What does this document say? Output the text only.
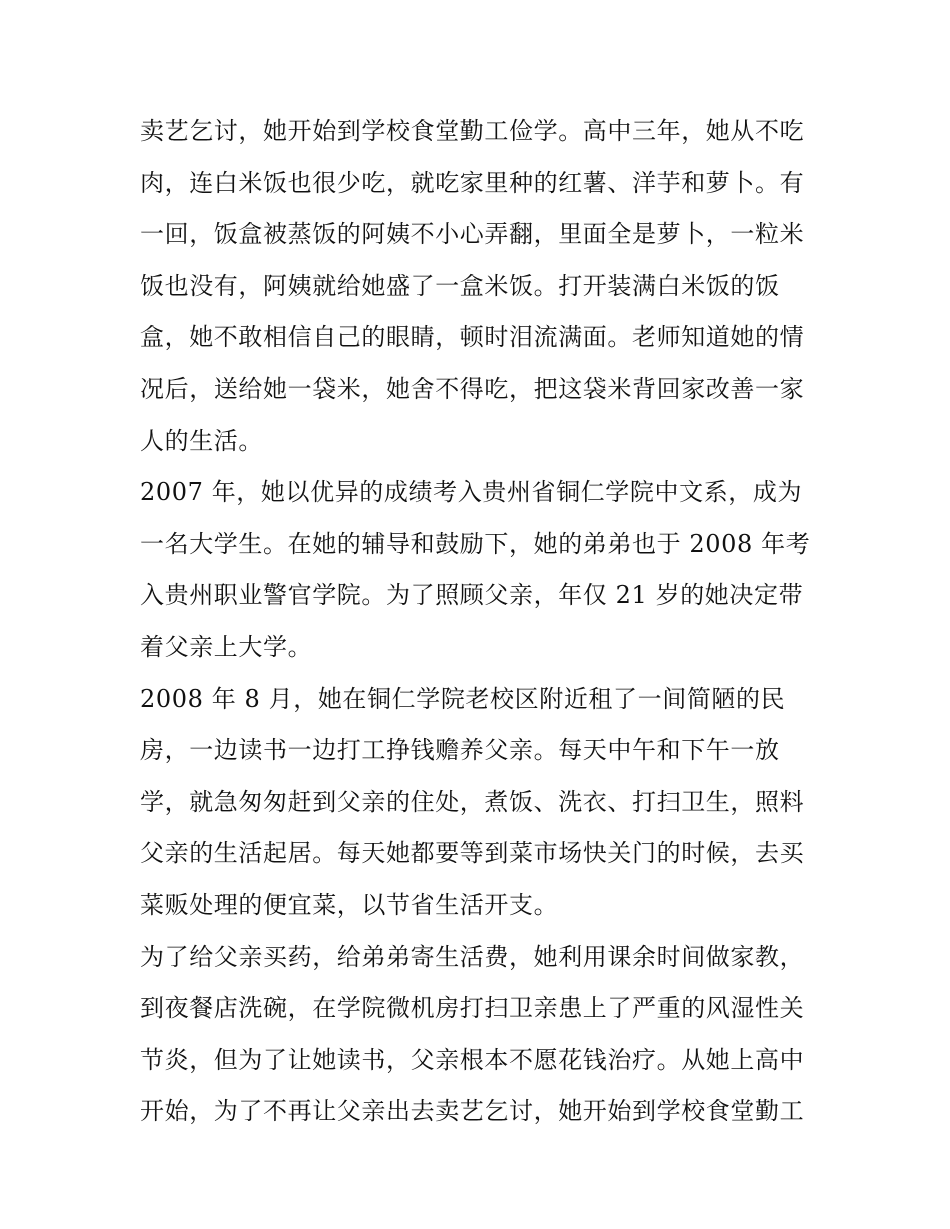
卖艺乞讨，她开始到学校食堂勤工俭学。高中三年，她从不吃
肉，连白米饭也很少吃，就吃家里种的红薯、洋芋和萝卜。有
一回，饭盒被蒸饭的阿姨不小心弄翻，里面全是萝卜，一粒米
饭也没有，阿姨就给她盛了一盒米饭。打开装满白米饭的饭
盒，她不敢相信自己的眼睛，顿时泪流满面。老师知道她的情
况后，送给她一袋米，她舍不得吃，把这袋米背回家改善一家
人的生活。
2007 年，她以优异的成绩考入贵州省铜仁学院中文系，成为
一名大学生。在她的辅导和鼓励下，她的弟弟也于 2008 年考
入贵州职业警官学院。为了照顾父亲，年仅 21 岁的她决定带
着父亲上大学。
2008 年 8 月，她在铜仁学院老校区附近租了一间简陋的民
房，一边读书一边打工挣钱赡养父亲。每天中午和下午一放
学，就急匆匆赶到父亲的住处，煮饭、洗衣、打扫卫生，照料
父亲的生活起居。每天她都要等到菜市场快关门的时候，去买
菜贩处理的便宜菜，以节省生活开支。
为了给父亲买药，给弟弟寄生活费，她利用课余时间做家教，
到夜餐店洗碗，在学院微机房打扫卫亲患上了严重的风湿性关
节炎，但为了让她读书，父亲根本不愿花钱治疗。从她上高中
开始，为了不再让父亲出去卖艺乞讨，她开始到学校食堂勤工
